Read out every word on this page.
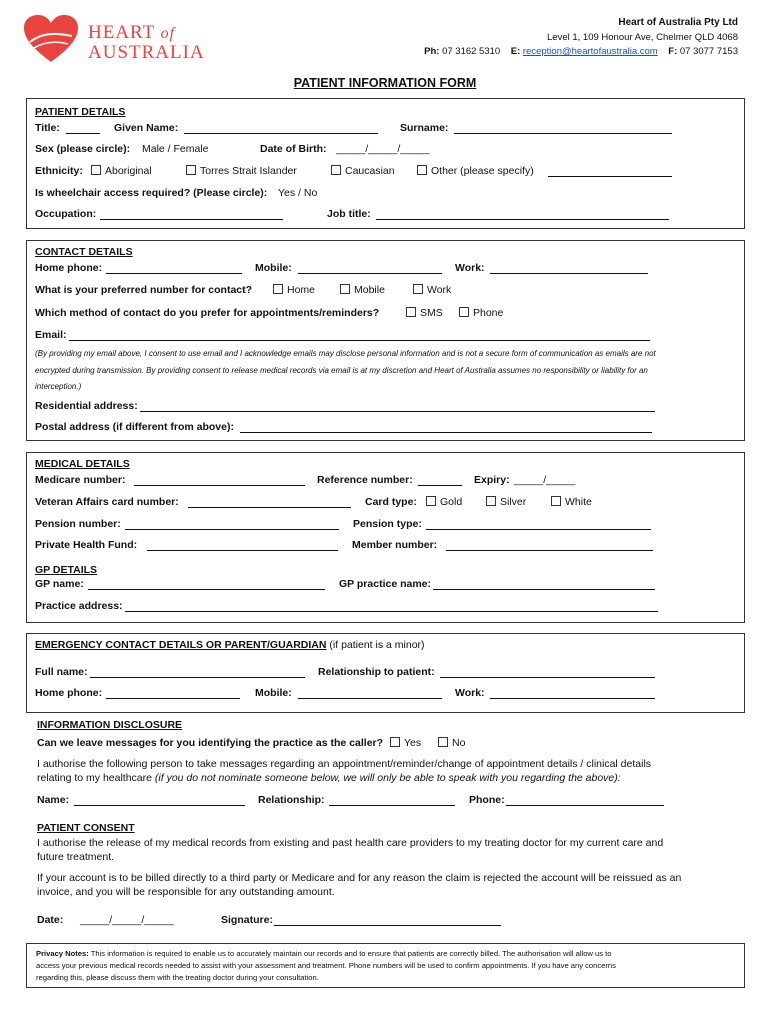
HEART of
AUSTRALIA
Heart of Australia Pty Ltd
Level 1, 109 Honour Ave, Chelmer QLD 4068
Ph: 07 3162 5310 E: reception@heartofaustralia.com F: 07 3077 7153
PATIENT INFORMATION FORM
PATIENT DETAILS
Title:	Given Name:	Surname:
Sex (please circle): Male / Female	Date of Birth: _____/_____/_____
Ethnicity:	Aboriginal	Torres Strait Islander	Caucasian	Other (please specify)
Is wheelchair access required? (Please circle): Yes / No
Occupation:	Job title:
CONTACT DETAILS
Home phone:	Mobile:	Work:
What is your preferred number for contact?	Home	Mobile	Work
Which method of contact do you prefer for appointments/reminders?	SMS	Phone
Email:
(By providing my email above, I consent to use email and I acknowledge emails may disclose personal information and is not a secure form of communication as emails are not
encrypted during transmission. By providing consent to release medical records via email is at my discretion and Heart of Australia assumes no responsibility or liability for an
interception.)
Residential address:
Postal address (if different from above):
MEDICAL DETAILS
Medicare number:	Reference number:	Expiry: _____/_____
Veteran Affairs card number:	Card type:	Gold	Silver	White
Pension number:	Pension type:
Private Health Fund:	Member number:
GP DETAILS
GP name:	GP practice name:
Practice address:
EMERGENCY CONTACT DETAILS OR PARENT/GUARDIAN (if patient is a minor)
Full name:	Relationship to patient:
Home phone:	Mobile:	Work:
INFORMATION DISCLOSURE
Can we leave messages for you identifying the practice as the caller?	Yes	No
I authorise the following person to take messages regarding an appointment/reminder/change of appointment details / clinical details
relating to my healthcare (if you do not nominate someone below, we will only be able to speak with you regarding the above):
Name:	Relationship:	Phone:
PATIENT CONSENT
I authorise the release of my medical records from existing and past health care providers to my treating doctor for my current care and
future treatment.
If your account is to be billed directly to a third party or Medicare and for any reason the claim is rejected the account will be reissued as an
invoice, and you will be responsible for any outstanding amount.
Date: _____/_____/_____	Signature:
Privacy Notes: This information is required to enable us to accurately maintain our records and to ensure that patients are correctly billed. The authorisation will allow us to
access your previous medical records needed to assist with your assessment and treatment. Phone numbers will be used to confirm appointments. If you have any concerns
regarding this, please discuss them with the treating doctor during your consultation.
